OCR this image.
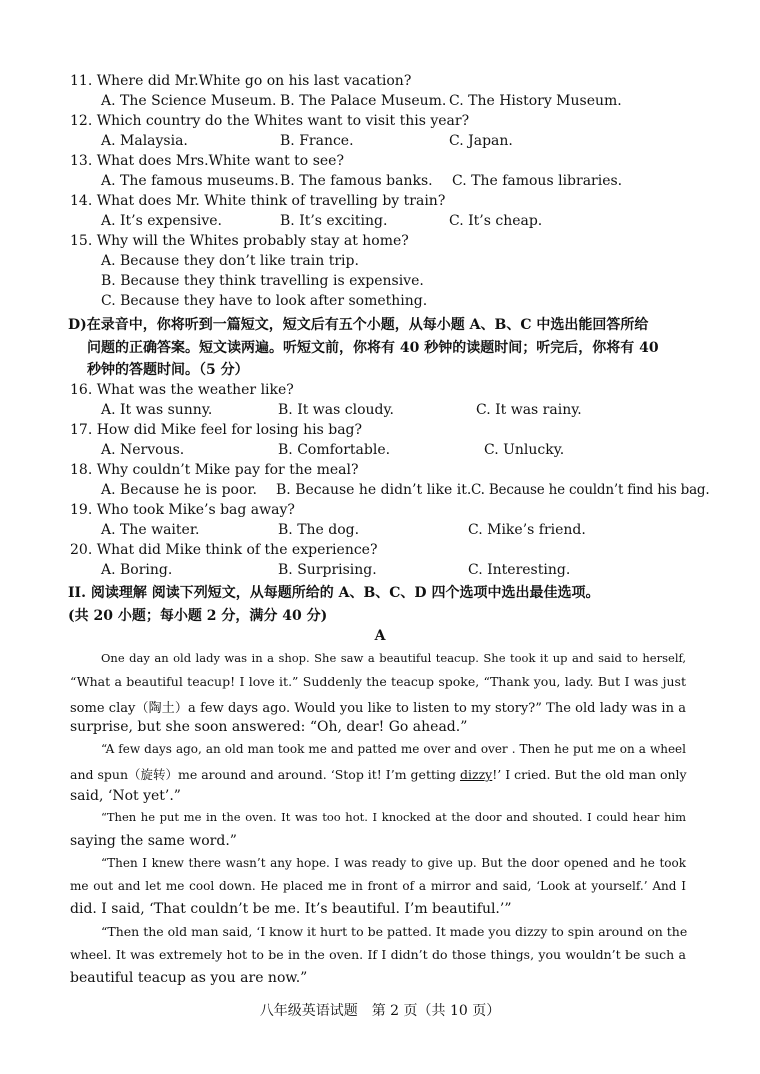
11. Where did Mr.White go on his last vacation?
A. The Science Museum. B. The Palace Museum. C. The History Museum.
12. Which country do the Whites want to visit this year?
A. Malaysia.	B. France.	C. Japan.
13. What does Mrs.White want to see?
A. The famous museums. B. The famous banks. C. The famous libraries.
14. What does Mr. White think of travelling by train?
A. It’s expensive.	B. It’s exciting.	C. It’s cheap.
15. Why will the Whites probably stay at home?
A. Because they don’t like train trip.
B. Because they think travelling is expensive.
C. Because they have to look after something.
D)在录音中，你将听到一篇短文，短文后有五个小题，从每小题 A、B、C 中选出能回答所给
问题的正确答案。短文读两遍。听短文前，你将有 40 秒钟的读题时间；听完后，你将有 40
秒钟的答题时间。（5 分）
16. What was the weather like?
A. It was sunny.	B. It was cloudy.	C. It was rainy.
17. How did Mike feel for losing his bag?
A. Nervous.	B. Comfortable.	C. Unlucky.
18. Why couldn’t Mike pay for the meal?
A. Because he is poor. B. Because he didn’t like it. C. Because he couldn’t find his bag.
19. Who took Mike’s bag away?
A. The waiter.	B. The dog.	C. Mike’s friend.
20. What did Mike think of the experience?
A. Boring.	B. Surprising.	C. Interesting.
II. 阅读理解 阅读下列短文，从每题所给的 A、B、C、D 四个选项中选出最佳选项。
(共 20 小题；每小题 2 分，满分 40 分)
A
One day an old lady was in a shop. She saw a beautiful teacup. She took it up and said to herself,
“What a beautiful teacup! I love it.” Suddenly the teacup spoke, “Thank you, lady. But I was just
some clay（陶土）a few days ago. Would you like to listen to my story?” The old lady was in a
surprise, but she soon answered: “Oh, dear! Go ahead.”
“A few days ago, an old man took me and patted me over and over . Then he put me on a wheel
and spun（旋转）me around and around. ‘Stop it! I’m getting dizzy!’ I cried. But the old man only
said, ‘Not yet’.”
“Then he put me in the oven. It was too hot. I knocked at the door and shouted. I could hear him
saying the same word.”
“Then I knew there wasn’t any hope. I was ready to give up. But the door opened and he took
me out and let me cool down. He placed me in front of a mirror and said, ‘Look at yourself.’ And I
did. I said, ‘That couldn’t be me. It’s beautiful. I’m beautiful.’”
“Then the old man said, ‘I know it hurt to be patted. It made you dizzy to spin around on the
wheel. It was extremely hot to be in the oven. If I didn’t do those things, you wouldn’t be such a
beautiful teacup as you are now.”
八年级英语试题　第 2 页（共 10 页）
